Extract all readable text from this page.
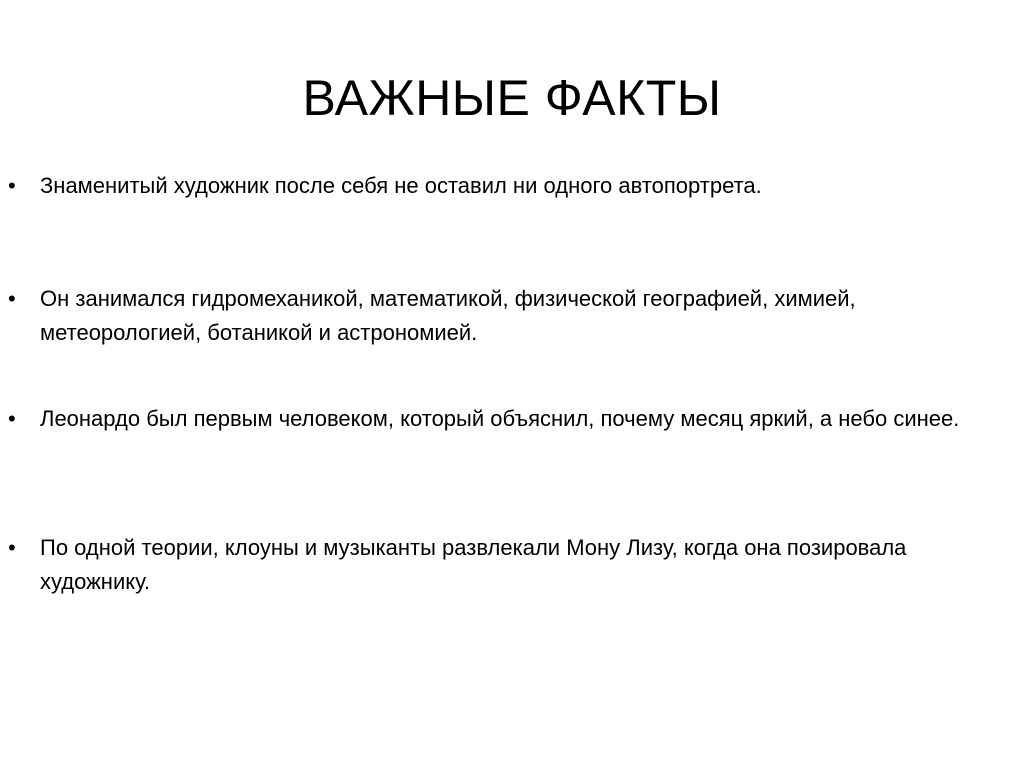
ВАЖНЫЕ ФАКТЫ
• Знаменитый художник после себя не оставил ни одного автопортрета.
• Он занимался гидромеханикой, математикой, физической географией, химией, метеорологией, ботаникой и астрономией.
• Леонардо был первым человеком, который объяснил, почему месяц яркий, а небо синее.
• По одной теории, клоуны и музыканты развлекали Мону Лизу, когда она позировала художнику.
